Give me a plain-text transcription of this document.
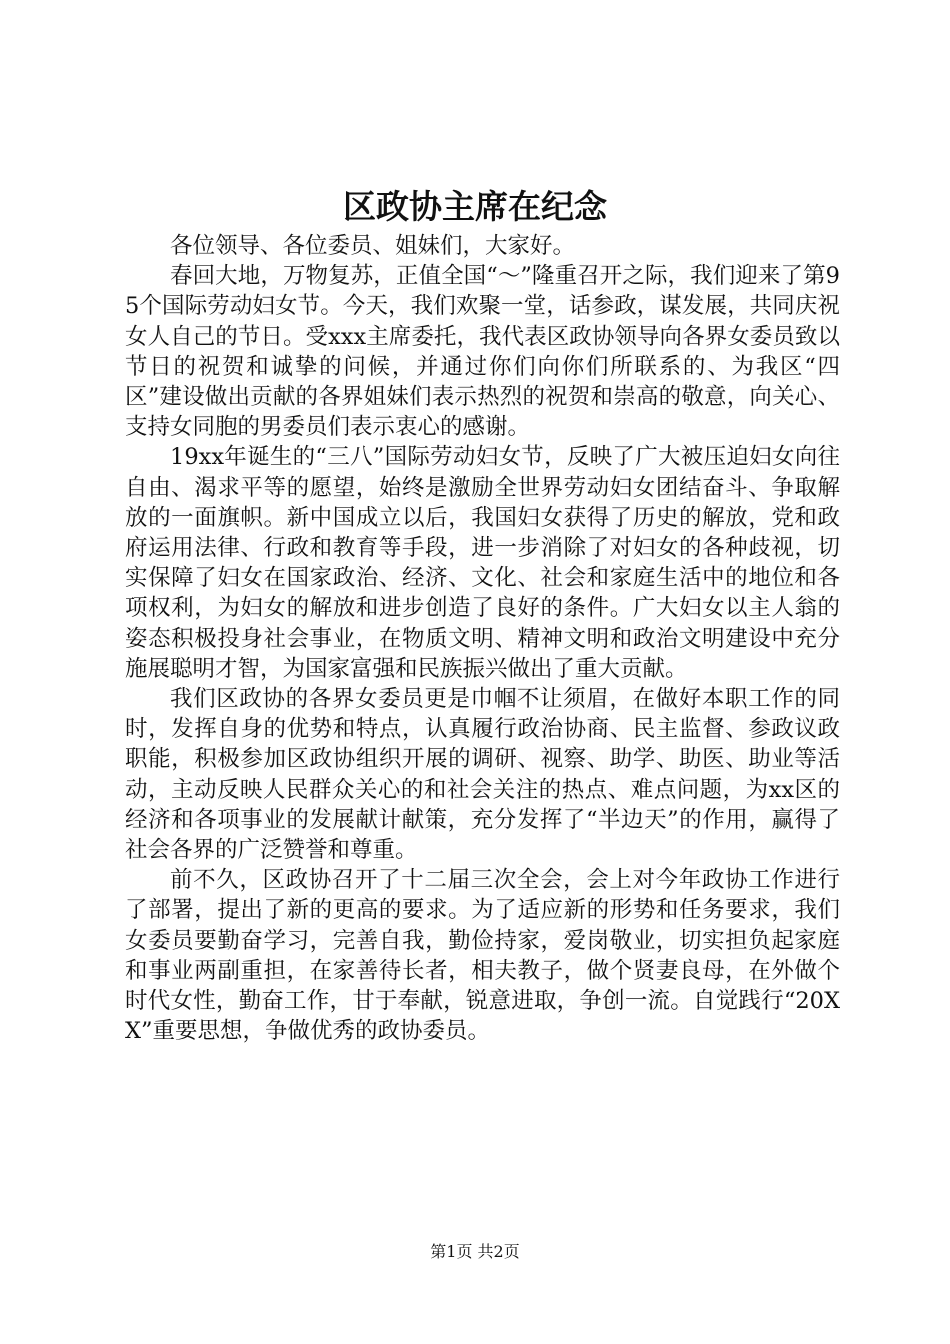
区政协主席在纪念

各位领导、各位委员、姐妹们，大家好。

春回大地，万物复苏，正值全国“～”隆重召开之际，我们迎来了第95个国际劳动妇女节。今天，我们欢聚一堂，话参政，谋发展，共同庆祝女人自己的节日。受xxx主席委托，我代表区政协领导向各界女委员致以节日的祝贺和诚挚的问候，并通过你们向你们所联系的、为我区“四区”建设做出贡献的各界姐妹们表示热烈的祝贺和崇高的敬意，向关心、支持女同胞的男委员们表示衷心的感谢。

19xx年诞生的“三八”国际劳动妇女节，反映了广大被压迫妇女向往自由、渴求平等的愿望，始终是激励全世界劳动妇女团结奋斗、争取解放的一面旗帜。新中国成立以后，我国妇女获得了历史的解放，党和政府运用法律、行政和教育等手段，进一步消除了对妇女的各种歧视，切实保障了妇女在国家政治、经济、文化、社会和家庭生活中的地位和各项权利，为妇女的解放和进步创造了良好的条件。广大妇女以主人翁的姿态积极投身社会事业，在物质文明、精神文明和政治文明建设中充分施展聪明才智，为国家富强和民族振兴做出了重大贡献。

我们区政协的各界女委员更是巾帼不让须眉，在做好本职工作的同时，发挥自身的优势和特点，认真履行政治协商、民主监督、参政议政职能，积极参加区政协组织开展的调研、视察、助学、助医、助业等活动，主动反映人民群众关心的和社会关注的热点、难点问题，为xx区的经济和各项事业的发展献计献策，充分发挥了“半边天”的作用，赢得了社会各界的广泛赞誉和尊重。

前不久，区政协召开了十二届三次全会，会上对今年政协工作进行了部署，提出了新的更高的要求。为了适应新的形势和任务要求，我们女委员要勤奋学习，完善自我，勤俭持家，爱岗敬业，切实担负起家庭和事业两副重担，在家善待长者，相夫教子，做个贤妻良母，在外做个时代女性，勤奋工作，甘于奉献，锐意进取，争创一流。自觉践行“20XX”重要思想，争做优秀的政协委员。

第1页 共2页
